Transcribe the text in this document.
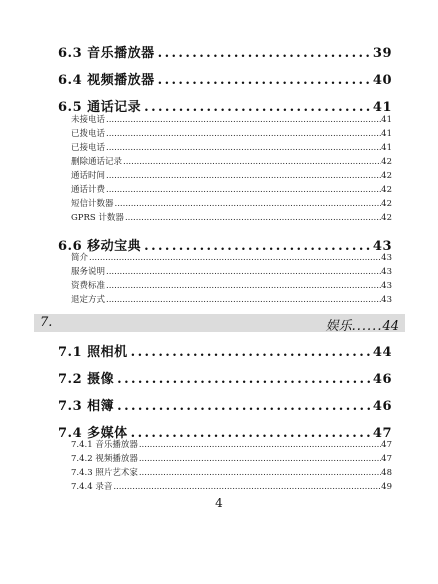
6.3 音乐播放器 .....	39
6.4 视频播放器 .....	40
6.5 通话记录 .....	41
未接电话 .....	41
已拨电话 .....	41
已接电话 .....	41
删除通话记录 .....	42
通话时间 .....	42
通话计费 .....	42
短信计数器 .....	42
GPRS 计数器 .....	42
6.6 移动宝典 .....	43
简介 .....	43
服务说明 .....	43
资费标准 .....	43
退定方式 .....	43
7.	娱乐......44
7.1 照相机 .....	44
7.2 摄像 .....	46
7.3 相簿 .....	46
7.4 多媒体 .....	47
7.4.1 音乐播放器 .....	47
7.4.2 视频播放器 .....	47
7.4.3 照片艺术家 .....	48
7.4.4 录音 .....	49
4
